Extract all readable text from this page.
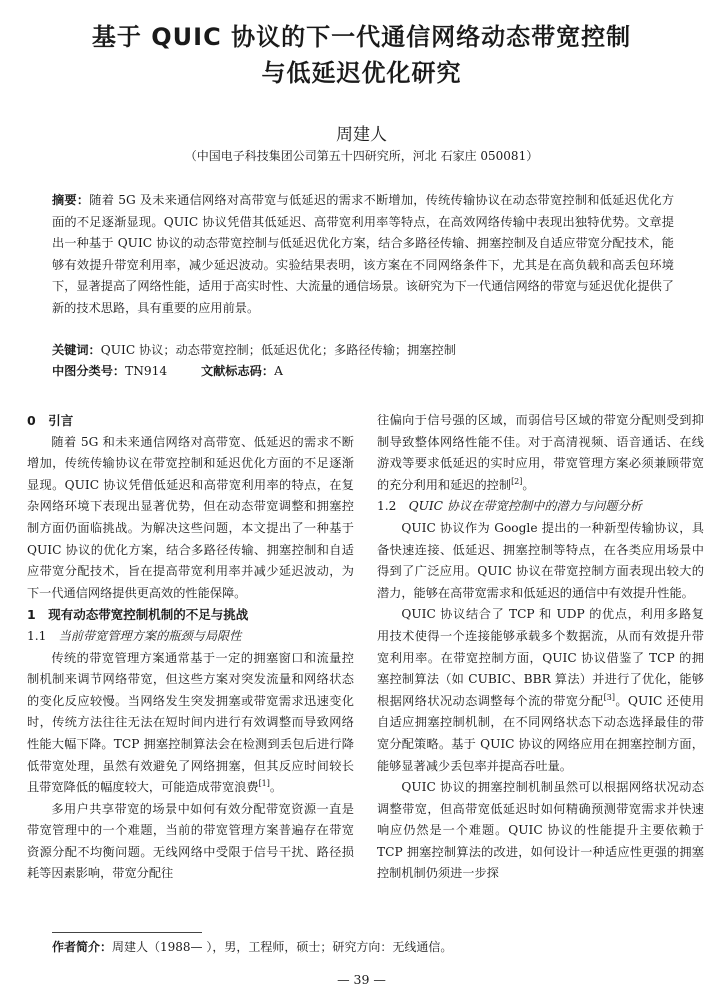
基于 QUIC 协议的下一代通信网络动态带宽控制
与低延迟优化研究
周建人
（中国电子科技集团公司第五十四研究所，河北 石家庄 050081）
摘要：随着 5G 及未来通信网络对高带宽与低延迟的需求不断增加，传统传输协议在动态带宽控制和低延迟优化方面的不足逐渐显现。QUIC 协议凭借其低延迟、高带宽利用率等特点，在高效网络传输中表现出独特优势。文章提出一种基于 QUIC 协议的动态带宽控制与低延迟优化方案，结合多路径传输、拥塞控制及自适应带宽分配技术，能够有效提升带宽利用率，减少延迟波动。实验结果表明，该方案在不同网络条件下，尤其是在高负载和高丢包环境下，显著提高了网络性能，适用于高实时性、大流量的通信场景。该研究为下一代通信网络的带宽与延迟优化提供了新的技术思路，具有重要的应用前景。
关键词：QUIC 协议；动态带宽控制；低延迟优化；多路径传输；拥塞控制
中图分类号：TN914	文献标志码：A
0　引言

随着 5G 和未来通信网络对高带宽、低延迟的需求不断增加，传统传输协议在带宽控制和延迟优化方面的不足逐渐显现。QUIC 协议凭借低延迟和高带宽利用率的特点，在复杂网络环境下表现出显著优势，但在动态带宽调整和拥塞控制方面仍面临挑战。为解决这些问题，本文提出了一种基于 QUIC 协议的优化方案，结合多路径传输、拥塞控制和自适应带宽分配技术，旨在提高带宽利用率并减少延迟波动，为下一代通信网络提供更高效的性能保障。

1　现有动态带宽控制机制的不足与挑战
1.1　 当前带宽管理方案的瓶颈与局限性

传统的带宽管理方案通常基于一定的拥塞窗口和流量控制机制来调节网络带宽，但这些方案对突发流量和网络状态的变化反应较慢。当网络发生突发拥塞或带宽需求迅速变化时，传统方法往往无法在短时间内进行有效调整而导致网络性能大幅下降。TCP 拥塞控制算法会在检测到丢包后进行降低带宽处理，虽然有效避免了网络拥塞，但其反应时间较长且带宽降低的幅度较大，可能造成带宽浪费[1]。

多用户共享带宽的场景中如何有效分配带宽资源一直是带宽管理中的一个难题，当前的带宽管理方案普遍存在带宽资源分配不均衡问题。无线网络中受限于信号干扰、路径损耗等因素影响，带宽分配往

往偏向于信号强的区域，而弱信号区域的带宽分配则受到抑制导致整体网络性能不佳。对于高清视频、语音通话、在线游戏等要求低延迟的实时应用，带宽管理方案必须兼顾带宽的充分利用和延迟的控制[2]。
1.2　 QUIC 协议在带宽控制中的潜力与问题分析

QUIC 协议作为 Google 提出的一种新型传输协议，具备快速连接、低延迟、拥塞控制等特点，在各类应用场景中得到了广泛应用。QUIC 协议在带宽控制方面表现出较大的潜力，能够在高带宽需求和低延迟的通信中有效提升性能。

QUIC 协议结合了 TCP 和 UDP 的优点，利用多路复用技术使得一个连接能够承载多个数据流，从而有效提升带宽利用率。在带宽控制方面，QUIC 协议借鉴了 TCP 的拥塞控制算法（如 CUBIC、BBR 算法）并进行了优化，能够根据网络状况动态调整每个流的带宽分配[3]。QUIC 还使用自适应拥塞控制机制，在不同网络状态下动态选择最佳的带宽分配策略。基于 QUIC 协议的网络应用在拥塞控制方面，能够显著减少丢包率并提高吞吐量。

QUIC 协议的拥塞控制机制虽然可以根据网络状况动态调整带宽，但高带宽低延迟时如何精确预测带宽需求并快速响应仍然是一个难题。QUIC 协议的性能提升主要依赖于 TCP 拥塞控制算法的改进，如何设计一种适应性更强的拥塞控制机制仍须进一步探

作者简介：周建人（1988— ），男，工程师，硕士；研究方向：无线通信。
— 39 —
